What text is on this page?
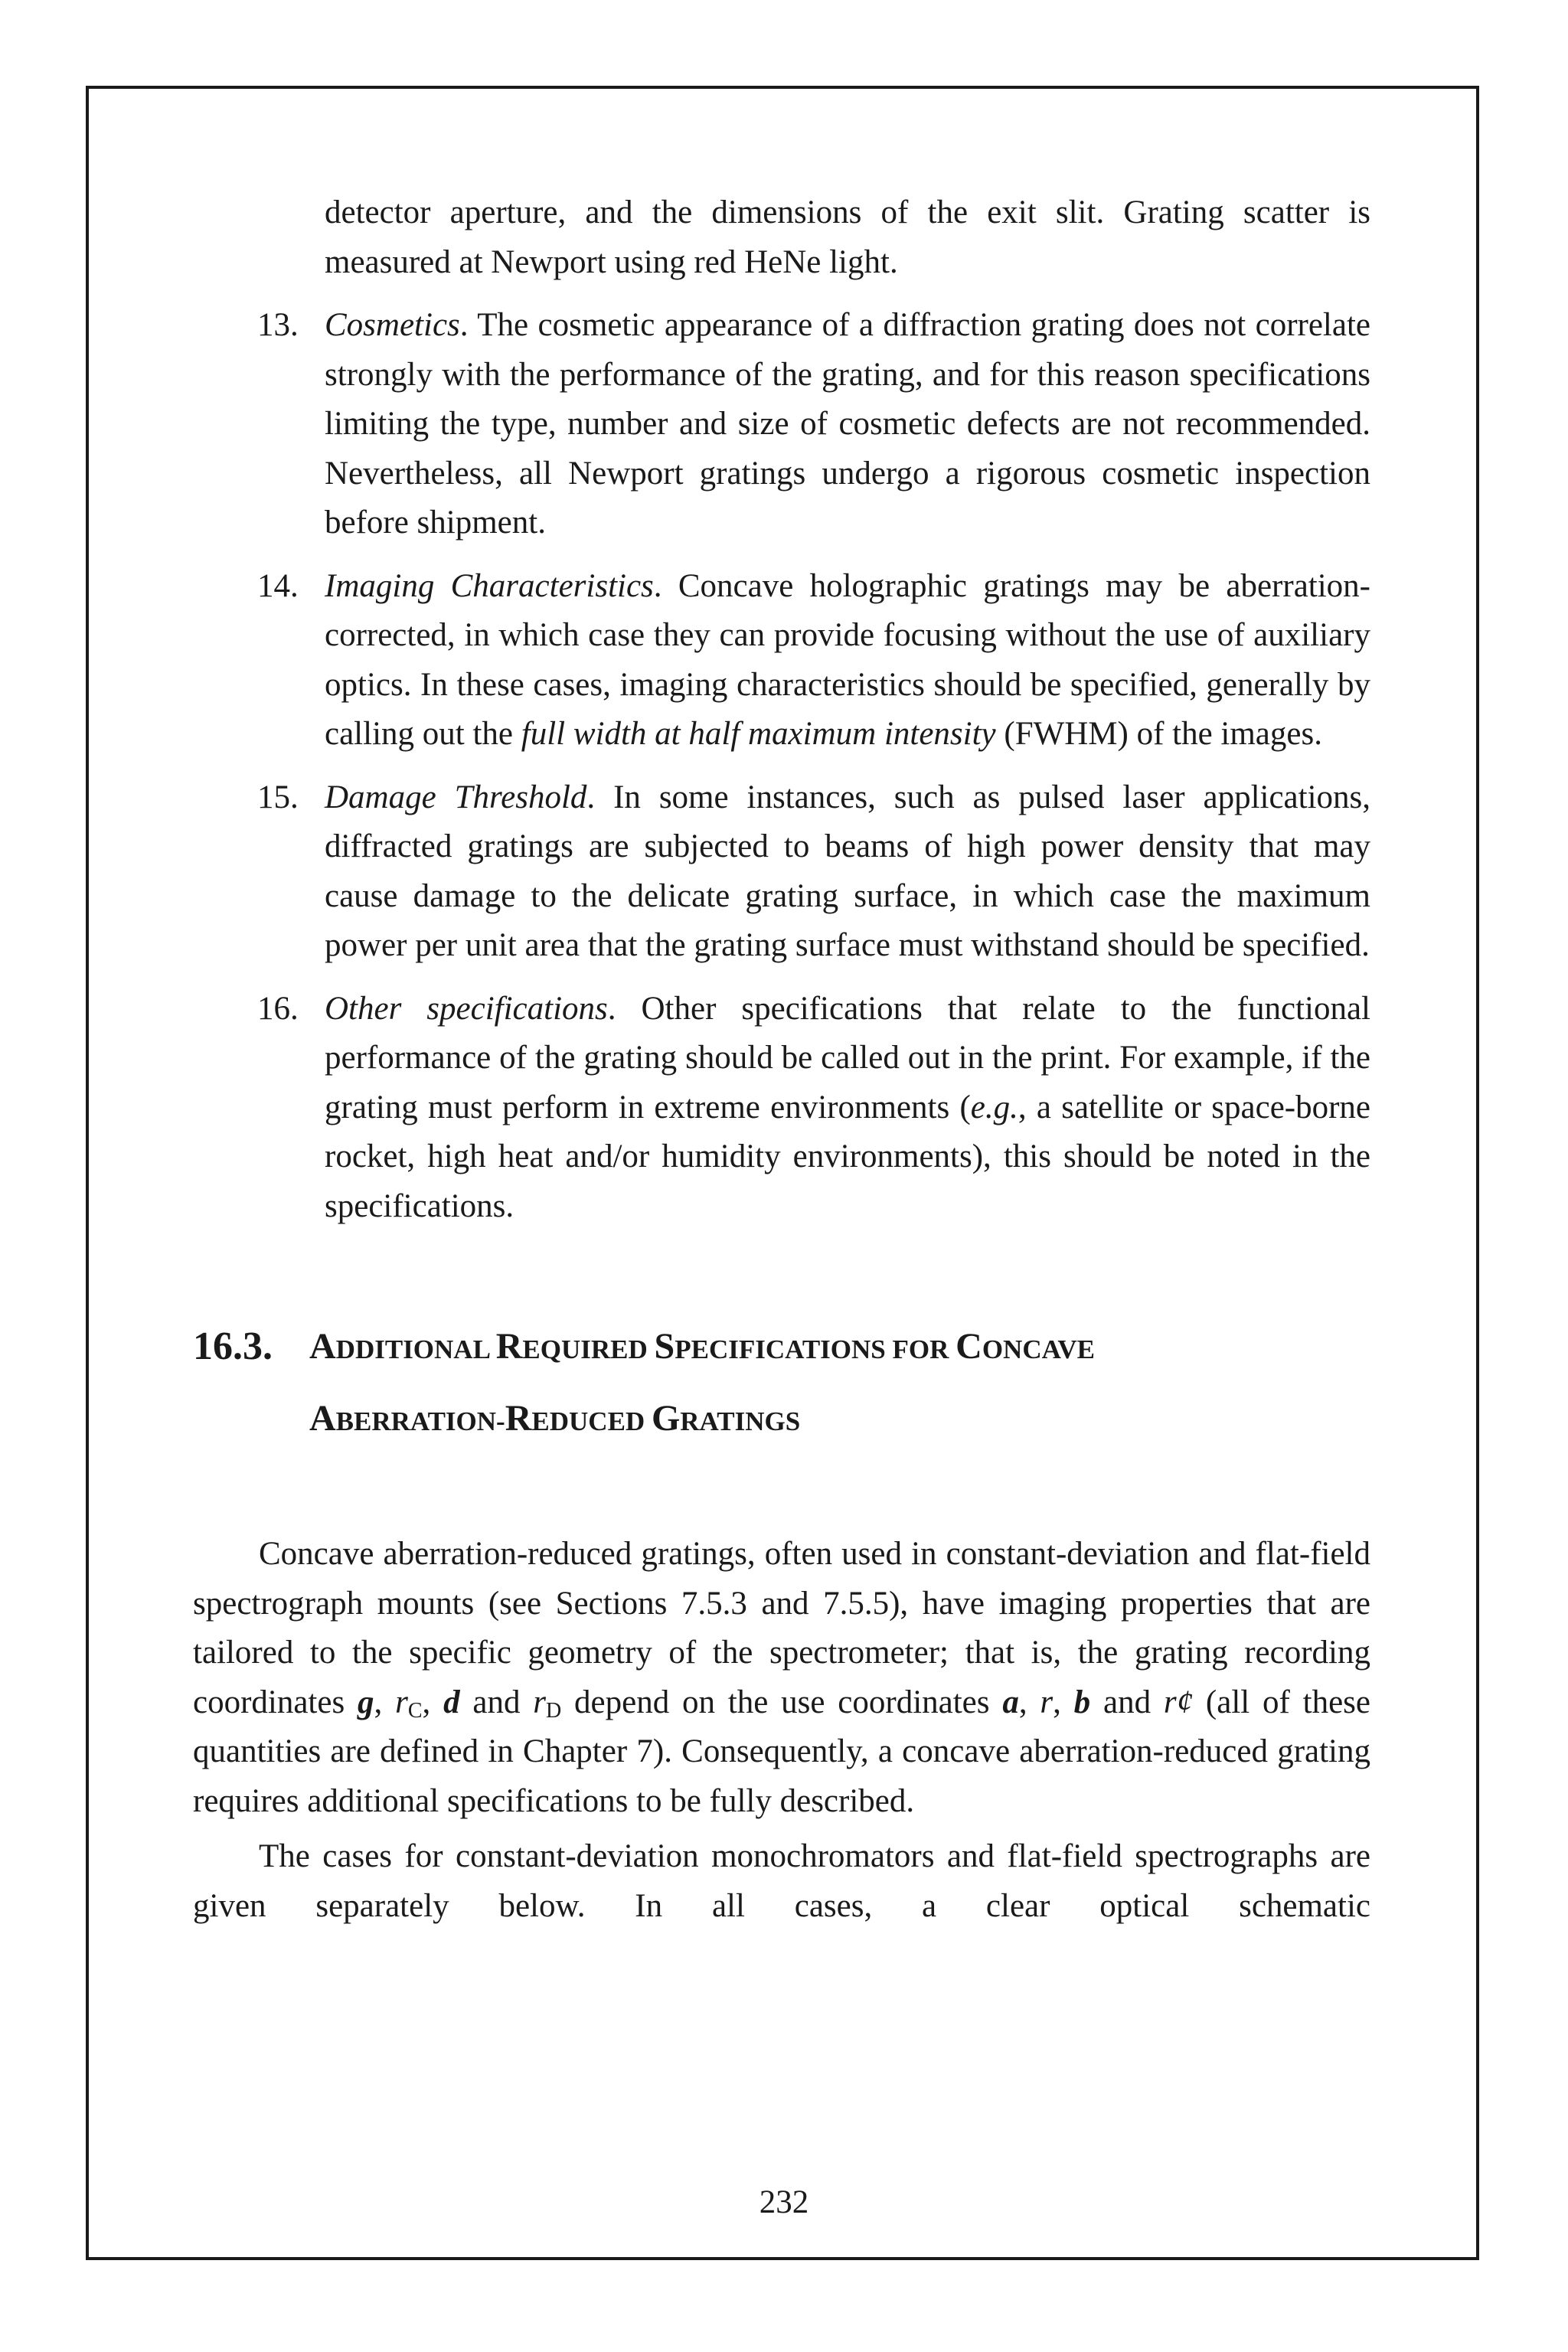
detector aperture, and the dimensions of the exit slit. Grating scatter is measured at Newport using red HeNe light.
13. Cosmetics. The cosmetic appearance of a diffraction grating does not correlate strongly with the performance of the grating, and for this reason specifications limiting the type, number and size of cosmetic defects are not recommended. Nevertheless, all Newport gratings undergo a rigorous cosmetic inspection before shipment.
14. Imaging Characteristics. Concave holographic gratings may be aberration-corrected, in which case they can provide focusing without the use of auxiliary optics. In these cases, imaging characteristics should be specified, generally by calling out the full width at half maximum intensity (FWHM) of the images.
15. Damage Threshold. In some instances, such as pulsed laser applications, diffracted gratings are subjected to beams of high power density that may cause damage to the delicate grating surface, in which case the maximum power per unit area that the grating surface must withstand should be specified.
16. Other specifications. Other specifications that relate to the functional performance of the grating should be called out in the print. For example, if the grating must perform in extreme environments (e.g., a satellite or space-borne rocket, high heat and/or humidity environments), this should be noted in the specifications.
16.3. ADDITIONAL REQUIRED SPECIFICATIONS FOR CONCAVE
ABERRATION-REDUCED GRATINGS

Concave aberration-reduced gratings, often used in constant-deviation and flat-field spectrograph mounts (see Sections 7.5.3 and 7.5.5), have imaging properties that are tailored to the specific geometry of the spectrometer; that is, the grating recording coordinates g, $r_C$, d and $r_D$ depend on the use coordinates a, r, b and r¢ (all of these quantities are defined in Chapter 7). Consequently, a concave aberration-reduced grating requires additional specifications to be fully described.

The cases for constant-deviation monochromators and flat-field spectrographs are given separately below. In all cases, a clear optical schematic

232
